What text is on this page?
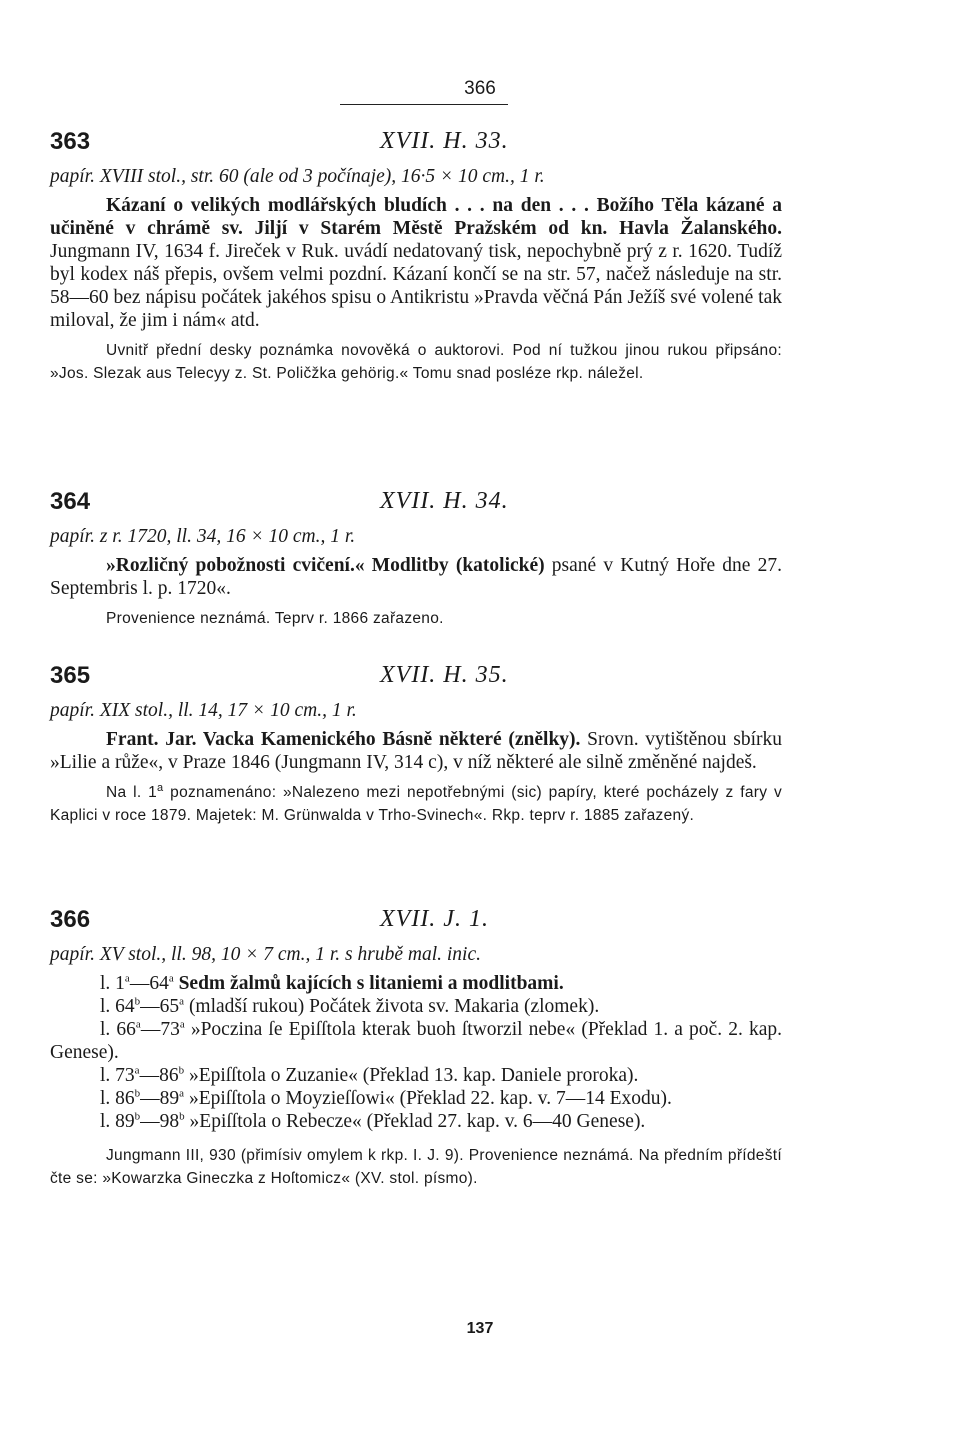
366
363	XVII. H. 33.
papír. XVIII stol., str. 60 (ale od 3 počínaje), 16·5 × 10 cm., 1 r.
Kázaní o velikých modlářských bludích . . . na den . . . Božího Těla kázané a učiněné v chrámě sv. Jiljí v Starém Městě Pražském od kn. Havla Žalanského. Jungmann IV, 1634 f. Jireček v Ruk. uvádí nedatovaný tisk, nepochybně prý z r. 1620. Tudíž byl kodex náš přepis, ovšem velmi pozdní. Kázaní končí se na str. 57, načež následuje na str. 58—60 bez nápisu počátek jakéhos spisu o Antikristu »Pravda věčná Pán Ježíš své volené tak miloval, že jim i nám« atd.
Uvnitř přední desky poznámka novověká o auktorovi. Pod ní tužkou jinou rukou připsáno: »Jos. Slezak aus Telecyy z. St. Poličžka gehörig.« Tomu snad posléze rkp. náležel.
364	XVII. H. 34.
papír. z r. 1720, ll. 34, 16 × 10 cm., 1 r.
»Rozličný pobožnosti cvičení.« Modlitby (katolické) psané v Kutný Hoře dne 27. Septembris l. p. 1720«.
Provenience neznámá. Teprv r. 1866 zařazeno.
365	XVII. H. 35.
papír. XIX stol., ll. 14, 17 × 10 cm., 1 r.
Frant. Jar. Vacka Kamenického Básně některé (znělky). Srovn. vytištěnou sbírku »Lilie a růže«, v Praze 1846 (Jungmann IV, 314 c), v níž některé ale silně změněné najdeš.
Na l. 1$^a$ poznamenáno: »Nalezeno mezi nepotřebnými (sic) papíry, které pocházely z fary v Kaplici v roce 1879. Majetek: M. Grünwalda v Trho-Svinech«. Rkp. teprv r. 1885 zařazený.
366	XVII. J. 1.
papír. XV stol., ll. 98, 10 × 7 cm., 1 r. s hrubě mal. inic.
l. 1$^a$—64$^a$ Sedm žalmů kajících s litaniemi a modlitbami.
l. 64$^b$—65$^a$ (mladší rukou) Počátek života sv. Makaria (zlomek).
l. 66$^a$—73$^a$ »Poczina ſe Epiſſtola kterak buoh ſtworzil nebe« (Překlad 1. a poč. 2. kap. Genese).
l. 73$^a$—86$^b$ »Epiſſtola o Zuzanie« (Překlad 13. kap. Daniele proroka).
l. 86$^b$—89$^a$ »Epiſſtola o Moyzieſſowi« (Překlad 22. kap. v. 7—14 Exodu).
l. 89$^b$—98$^b$ »Epiſſtola o Rebecze« (Překlad 27. kap. v. 6—40 Genese).
Jungmann III, 930 (přimísiv omylem k rkp. I. J. 9). Provenience neznámá. Na předním přídeští čte se: »Kowarzka Gineczka z Hoſtomicz« (XV. stol. písmo).
137
